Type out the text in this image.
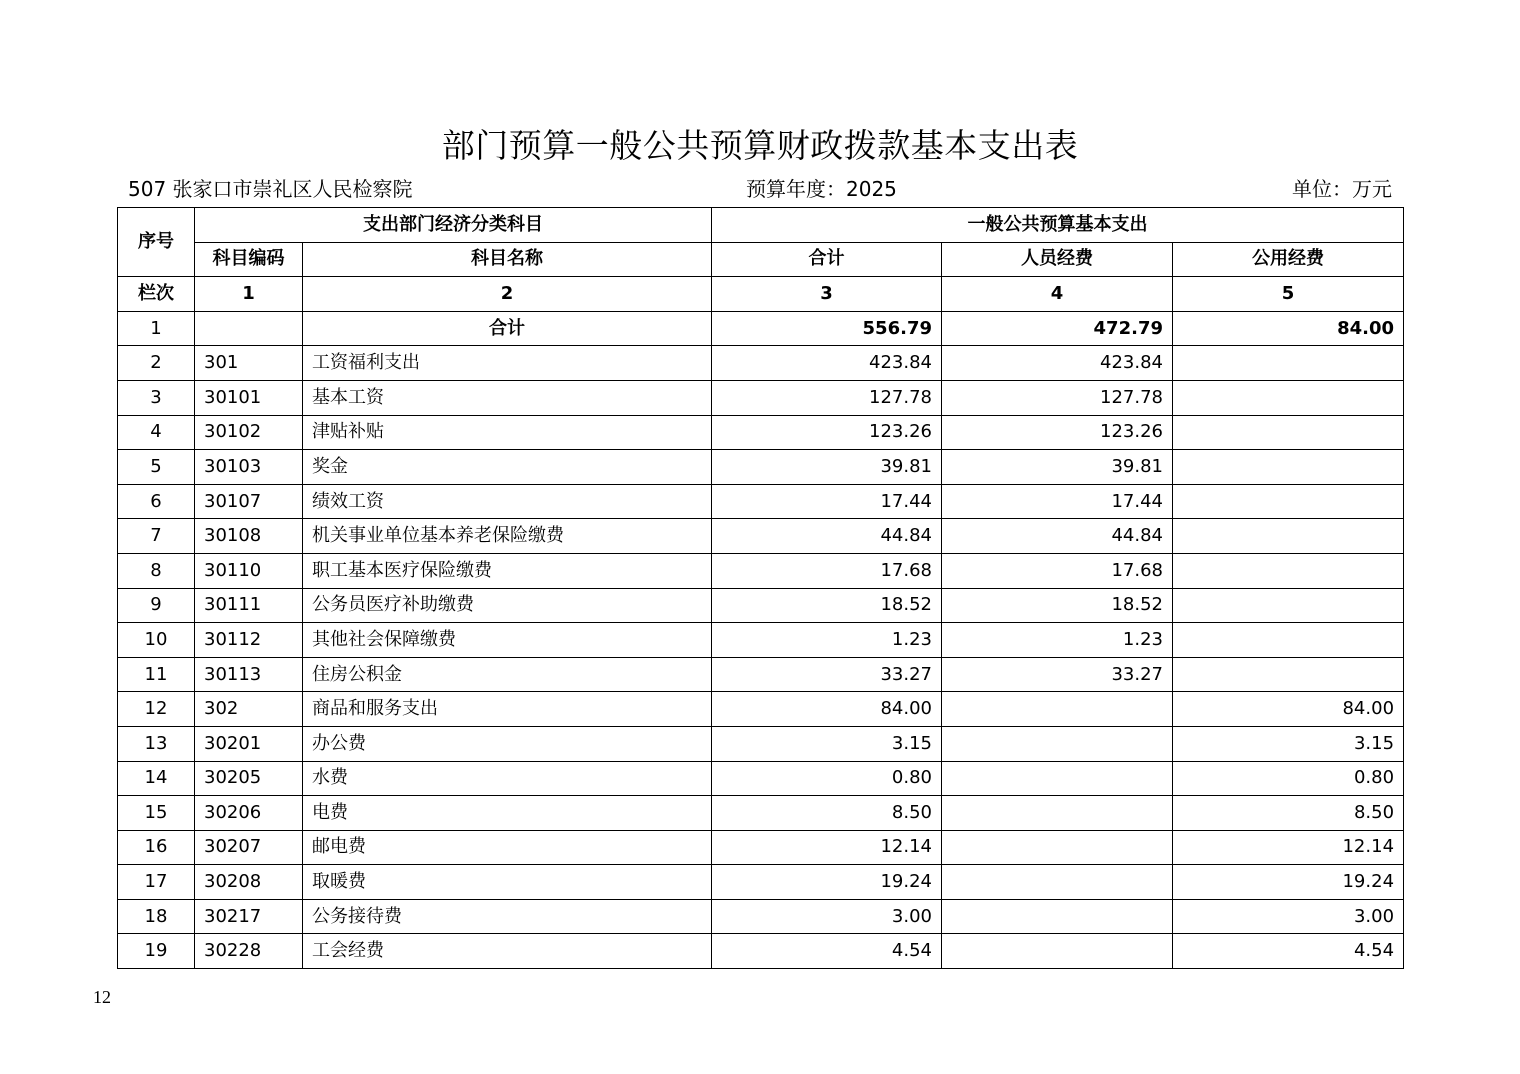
部门预算一般公共预算财政拨款基本支出表
507 张家口市崇礼区人民检察院	预算年度：2025	单位：万元
序号	支出部门经济分类科目		一般公共预算基本支出		
	科目编码	科目名称	合计	人员经费	公用经费
栏次	1	2	3	4	5
1		合计	556.79	472.79	84.00
2	301	工资福利支出	423.84	423.84	
3	30101	基本工资	127.78	127.78	
4	30102	津贴补贴	123.26	123.26	
5	30103	奖金	39.81	39.81	
6	30107	绩效工资	17.44	17.44	
7	30108	机关事业单位基本养老保险缴费	44.84	44.84	
8	30110	职工基本医疗保险缴费	17.68	17.68	
9	30111	公务员医疗补助缴费	18.52	18.52	
10	30112	其他社会保障缴费	1.23	1.23	
11	30113	住房公积金	33.27	33.27	
12	302	商品和服务支出	84.00		84.00
13	30201	办公费	3.15		3.15
14	30205	水费	0.80		0.80
15	30206	电费	8.50		8.50
16	30207	邮电费	12.14		12.14
17	30208	取暖费	19.24		19.24
18	30217	公务接待费	3.00		3.00
19	30228	工会经费	4.54		4.54
12
